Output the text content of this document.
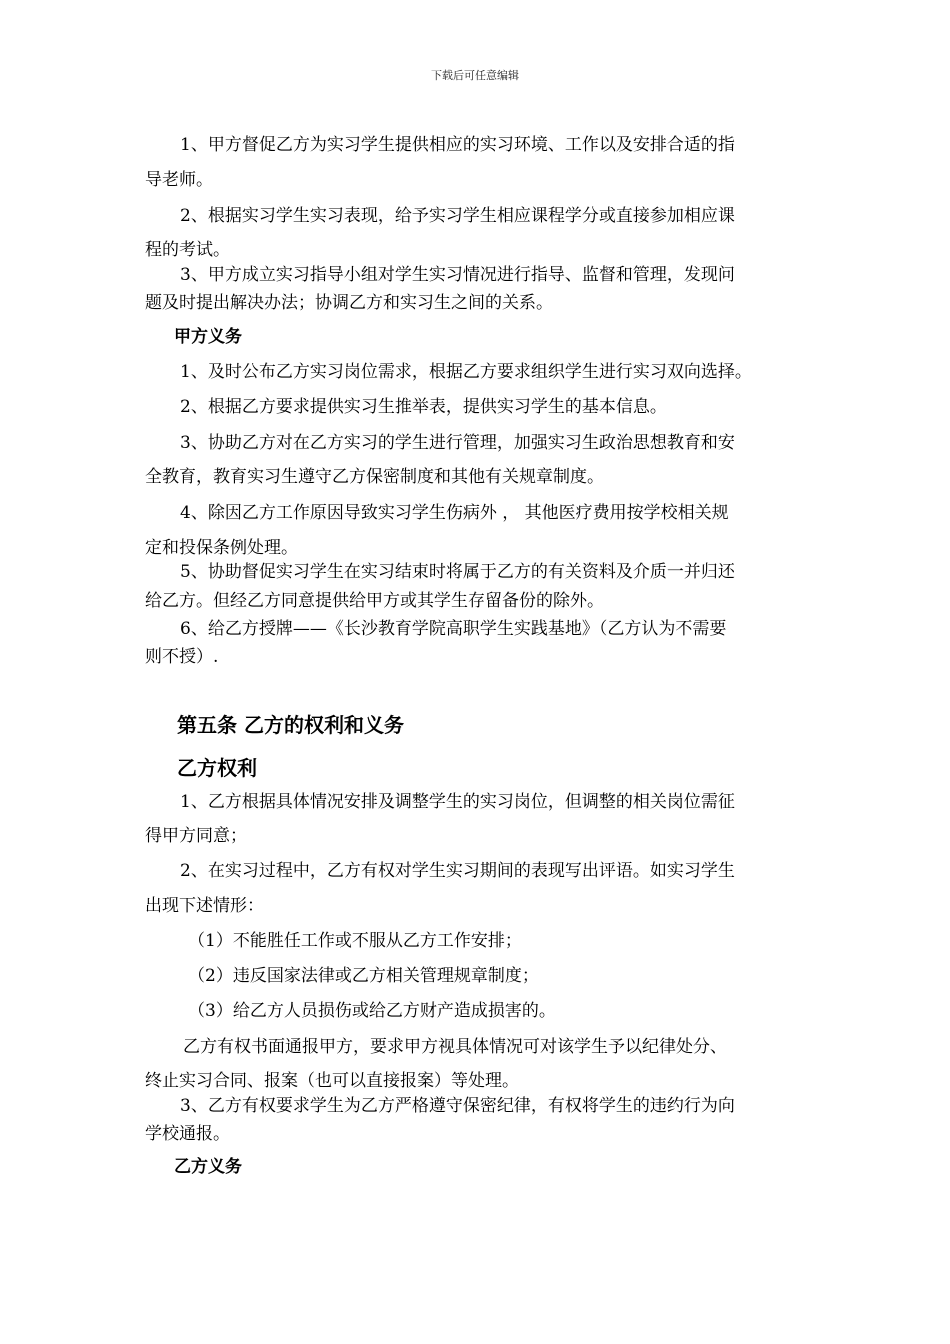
下载后可任意编辑
1、甲方督促乙方为实习学生提供相应的实习环境、工作以及安排合适的指
导老师。
2、根据实习学生实习表现，给予实习学生相应课程学分或直接参加相应课
程的考试。
3、甲方成立实习指导小组对学生实习情况进行指导、监督和管理，发现问
题及时提出解决办法；协调乙方和实习生之间的关系。
甲方义务
1、及时公布乙方实习岗位需求，根据乙方要求组织学生进行实习双向选择。
2、根据乙方要求提供实习生推举表，提供实习学生的基本信息。
3、协助乙方对在乙方实习的学生进行管理，加强实习生政治思想教育和安
全教育，教育实习生遵守乙方保密制度和其他有关规章制度。
4、除因乙方工作原因导致实习学生伤病外 ， 其他医疗费用按学校相关规
定和投保条例处理。
5、协助督促实习学生在实习结束时将属于乙方的有关资料及介质一并归还
给乙方。但经乙方同意提供给甲方或其学生存留备份的除外。
6、给乙方授牌——《长沙教育学院高职学生实践基地》（乙方认为不需要
则不授）.
第五条 乙方的权利和义务
乙方权利
1、乙方根据具体情况安排及调整学生的实习岗位，但调整的相关岗位需征
得甲方同意；
2、在实习过程中，乙方有权对学生实习期间的表现写出评语。如实习学生
出现下述情形：
（1）不能胜任工作或不服从乙方工作安排；
（2）违反国家法律或乙方相关管理规章制度；
（3）给乙方人员损伤或给乙方财产造成损害的。
乙方有权书面通报甲方，要求甲方视具体情况可对该学生予以纪律处分、
终止实习合同、报案（也可以直接报案）等处理。
3、乙方有权要求学生为乙方严格遵守保密纪律，有权将学生的违约行为向
学校通报。
乙方义务
